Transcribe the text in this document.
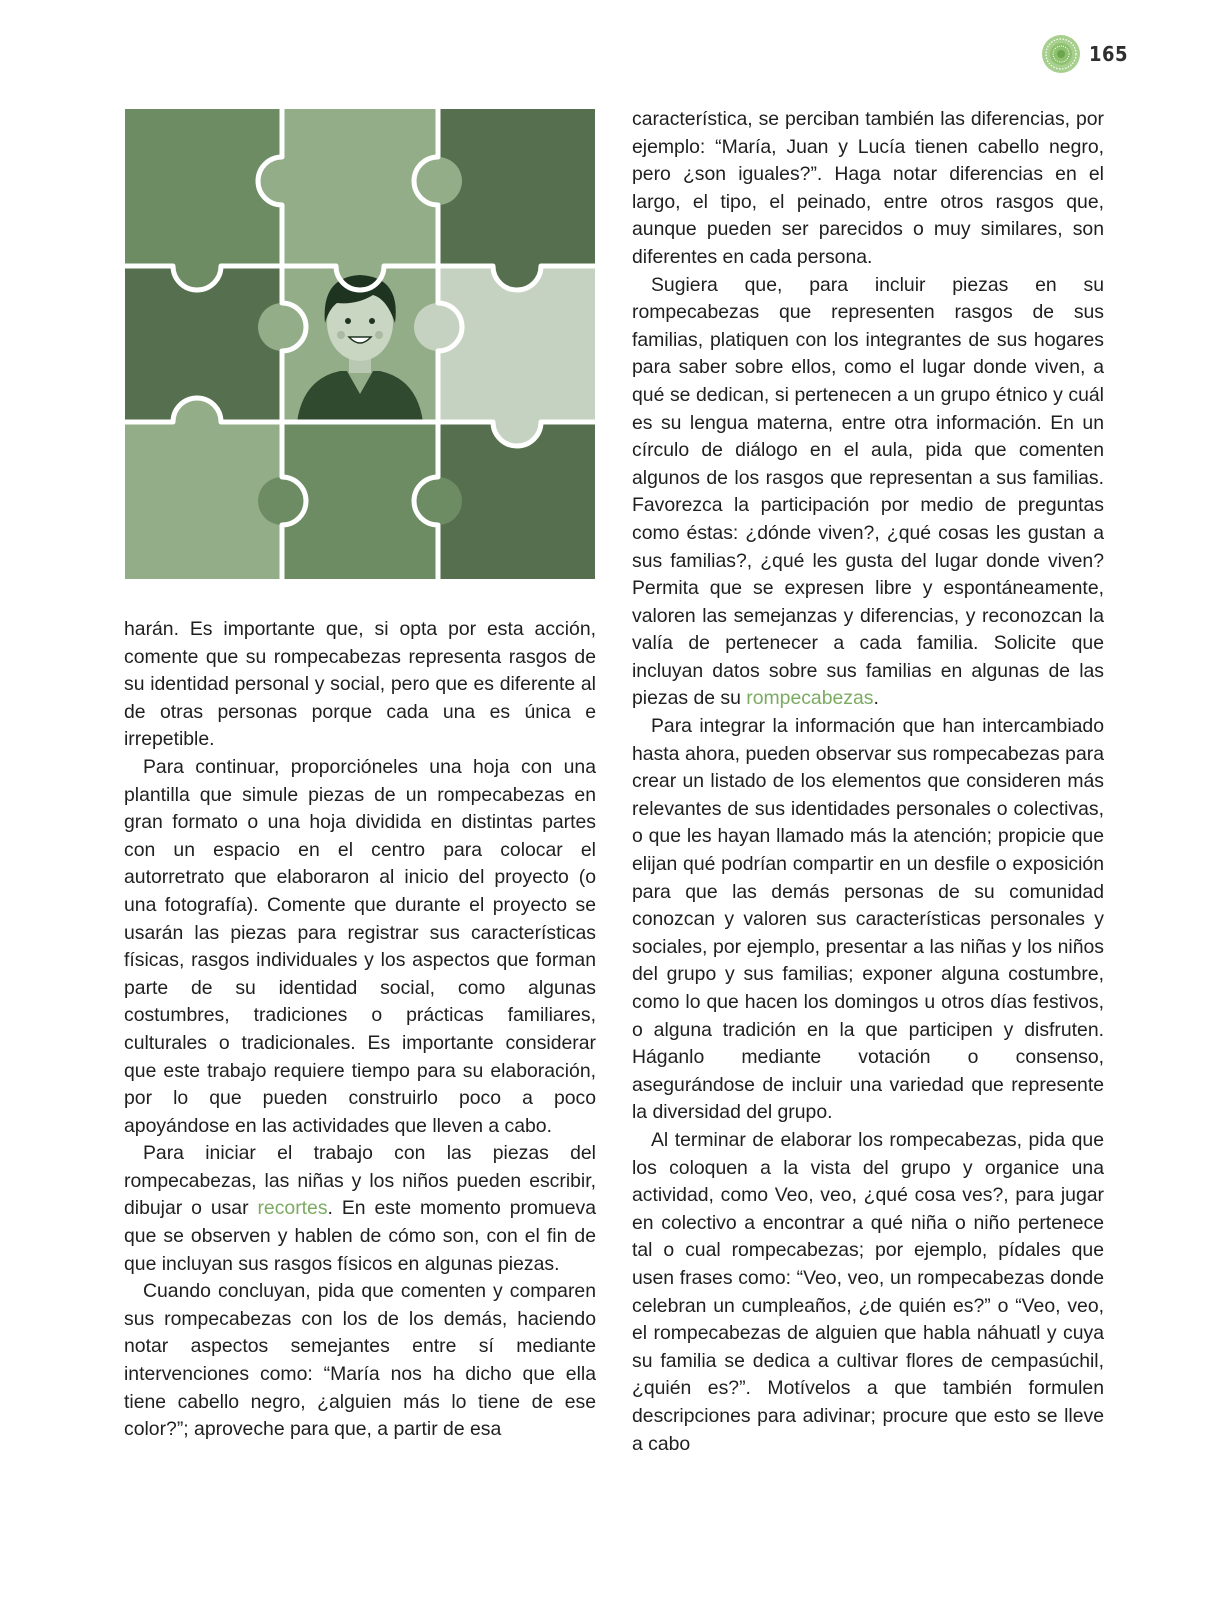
165

harán. Es importante que, si opta por esta acción, comente que su rompecabezas representa rasgos de su identidad personal y social, pero que es diferente al de otras personas porque cada una es única e irrepetible.

Para continuar, proporcióneles una hoja con una plantilla que simule piezas de un rompecabezas en gran formato o una hoja dividida en distintas partes con un espacio en el centro para colocar el autorretrato que elaboraron al inicio del proyecto (o una fotografía). Comente que durante el proyecto se usarán las piezas para registrar sus características físicas, rasgos individuales y los aspectos que forman parte de su identidad social, como algunas costumbres, tradiciones o prácticas familiares, culturales o tradicionales. Es importante considerar que este trabajo requiere tiempo para su elaboración, por lo que pueden construirlo poco a poco apoyándose en las actividades que lleven a cabo.

Para iniciar el trabajo con las piezas del rompecabezas, las niñas y los niños pueden escribir, dibujar o usar recortes. En este momento promueva que se observen y hablen de cómo son, con el fin de que incluyan sus rasgos físicos en algunas piezas.

Cuando concluyan, pida que comenten y comparen sus rompecabezas con los de los demás, haciendo notar aspectos semejantes entre sí mediante intervenciones como: “María nos ha dicho que ella tiene cabello negro, ¿alguien más lo tiene de ese color?”; aproveche para que, a partir de esa

característica, se perciban también las diferencias, por ejemplo: “María, Juan y Lucía tienen cabello negro, pero ¿son iguales?”. Haga notar diferencias en el largo, el tipo, el peinado, entre otros rasgos que, aunque pueden ser parecidos o muy similares, son diferentes en cada persona.

Sugiera que, para incluir piezas en su rompecabezas que representen rasgos de sus familias, platiquen con los integrantes de sus hogares para saber sobre ellos, como el lugar donde viven, a qué se dedican, si pertenecen a un grupo étnico y cuál es su lengua materna, entre otra información. En un círculo de diálogo en el aula, pida que comenten algunos de los rasgos que representan a sus familias. Favorezca la participación por medio de preguntas como éstas: ¿dónde viven?, ¿qué cosas les gustan a sus familias?, ¿qué les gusta del lugar donde viven? Permita que se expresen libre y espontáneamente, valoren las semejanzas y diferencias, y reconozcan la valía de pertenecer a cada familia. Solicite que incluyan datos sobre sus familias en algunas de las piezas de su rompecabezas.

Para integrar la información que han intercambiado hasta ahora, pueden observar sus rompecabezas para crear un listado de los elementos que consideren más relevantes de sus identidades personales o colectivas, o que les hayan llamado más la atención; propicie que elijan qué podrían compartir en un desfile o exposición para que las demás personas de su comunidad conozcan y valoren sus características personales y sociales, por ejemplo, presentar a las niñas y los niños del grupo y sus familias; exponer alguna costumbre, como lo que hacen los domingos u otros días festivos, o alguna tradición en la que participen y disfruten. Háganlo mediante votación o consenso, asegurándose de incluir una variedad que represente la diversidad del grupo.

Al terminar de elaborar los rompecabezas, pida que los coloquen a la vista del grupo y organice una actividad, como Veo, veo, ¿qué cosa ves?, para jugar en colectivo a encontrar a qué niña o niño pertenece tal o cual rompecabezas; por ejemplo, pídales que usen frases como: “Veo, veo, un rompecabezas donde celebran un cumpleaños, ¿de quién es?” o “Veo, veo, el rompecabezas de alguien que habla náhuatl y cuya su familia se dedica a cultivar flores de cempasúchil, ¿quién es?”. Motívelos a que también formulen descripciones para adivinar; procure que esto se lleve a cabo
